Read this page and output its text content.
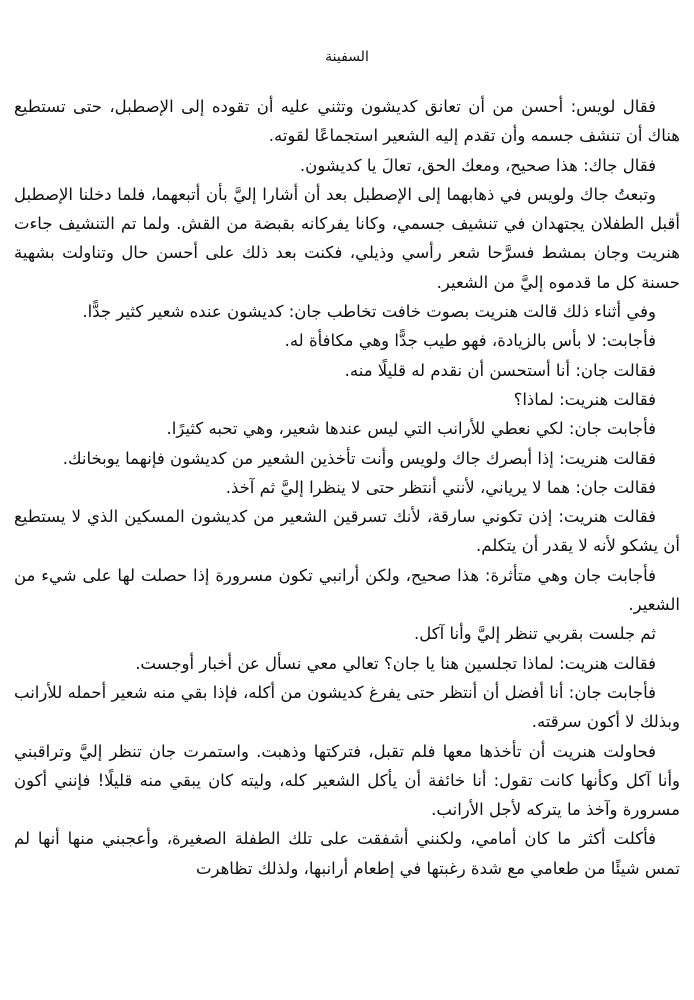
السفينة

فقال لويس: أحسن من أن تعانق كديشون وتثني عليه أن تقوده إلى الإصطبل، حتى تستطيع هناك أن تنشف جسمه وأن تقدم إليه الشعير استجماعًا لقوته.

فقال جاك: هذا صحيح، ومعك الحق، تعالَ يا كديشون.

وتبعتُ جاك ولويس في ذهابهما إلى الإصطبل بعد أن أشارا إليَّ بأن أتبعهما، فلما دخلنا الإصطبل أقبل الطفلان يجتهدان في تنشيف جسمي، وكانا يفركانه بقبضة من القش. ولما تم التنشيف جاءت هنريت وجان بمشط فسرَّحا شعر رأسي وذيلي، فكنت بعد ذلك على أحسن حال وتناولت بشهية حسنة كل ما قدموه إليَّ من الشعير.

وفي أثناء ذلك قالت هنريت بصوت خافت تخاطب جان: كديشون عنده شعير كثير جدًّا.

فأجابت: لا بأس بالزيادة، فهو طيب جدًّا وهي مكافأة له.

فقالت جان: أنا أستحسن أن نقدم له قليلًا منه.

فقالت هنريت: لماذا؟

فأجابت جان: لكي نعطي للأرانب التي ليس عندها شعير، وهي تحبه كثيرًا.

فقالت هنريت: إذا أبصرك جاك ولويس وأنت تأخذين الشعير من كديشون فإنهما يوبخانك.

فقالت جان: هما لا يرياني، لأنني أنتظر حتى لا ينظرا إليَّ ثم آخذ.

فقالت هنريت: إذن تكوني سارقة، لأنك تسرقين الشعير من كديشون المسكين الذي لا يستطيع أن يشكو لأنه لا يقدر أن يتكلم.

فأجابت جان وهي متأثرة: هذا صحيح، ولكن أرانبي تكون مسرورة إذا حصلت لها على شيء من الشعير.

ثم جلست بقربي تنظر إليَّ وأنا آكل.

فقالت هنريت: لماذا تجلسين هنا يا جان؟ تعالي معي نسأل عن أخبار أوجست.

فأجابت جان: أنا أفضل أن أنتظر حتى يفرغ كديشون من أكله، فإذا بقي منه شعير أحمله للأرانب وبذلك لا أكون سرقته.

فحاولت هنريت أن تأخذها معها فلم تقبل، فتركتها وذهبت. واستمرت جان تنظر إليَّ وتراقبني وأنا آكل وكأنها كانت تقول: أنا خائفة أن يأكل الشعير كله، وليته كان يبقي منه قليلًا! فإنني أكون مسرورة وآخذ ما يتركه لأجل الأرانب.

فأكلت أكثر ما كان أمامي، ولكنني أشفقت على تلك الطفلة الصغيرة، وأعجبني منها أنها لم تمس شيئًا من طعامي مع شدة رغبتها في إطعام أرانبها، ولذلك تظاهرت
